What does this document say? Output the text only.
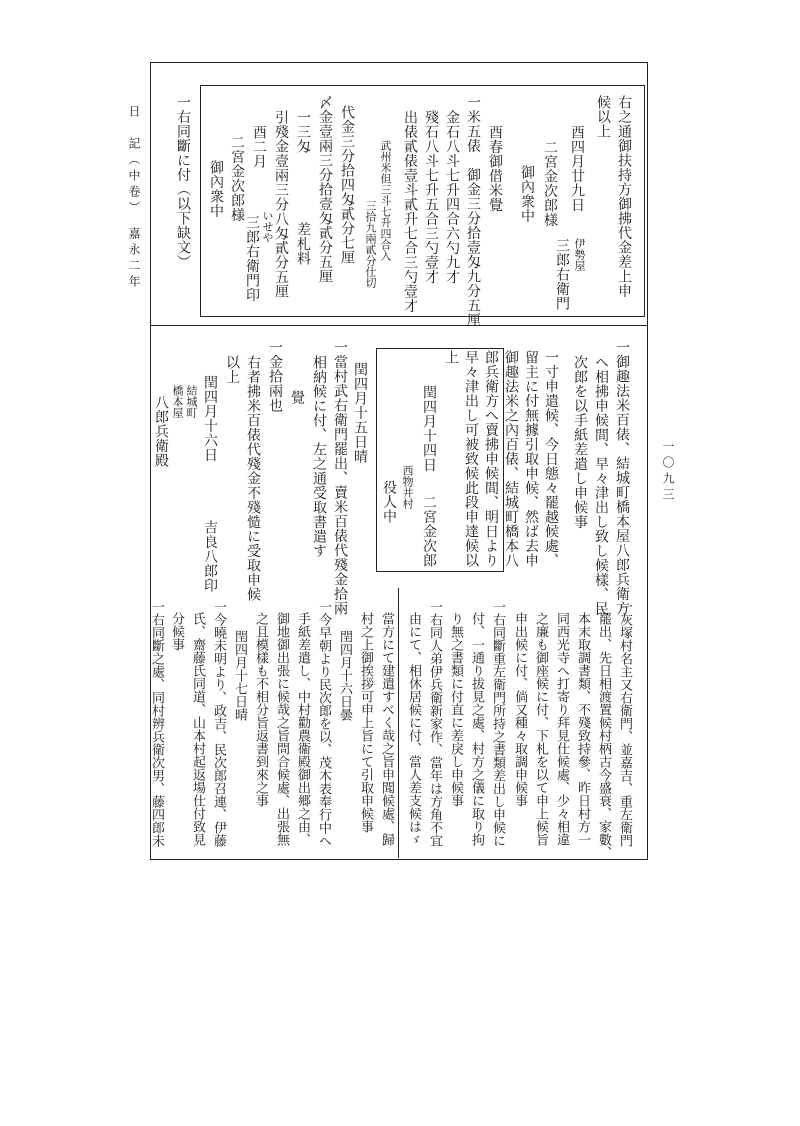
日　記（中卷）　嘉永二年
一〇九三
右之通御扶持方御拂代金差上申
候以上
酉四月廿九日
二宮金次郎様
御內衆中
伊勢屋
三郎右衛門
酉春御借米覺
一米五俵　御金三分拾壹匁九分五厘
金石八斗七升四合六勺九才
殘石八斗七升五合三勺壹才
出俵貳俵壹斗貳升七合三勺壹才
武州米但三斗七升四合入
三拾九兩貳分仕切
代金三分拾四匁貳分七厘
〆金壹兩三分拾壹匁貳分五厘
一三匁
差札料
引殘金壹兩三分八匁貳分五厘
酉二月
いせや
三郎右衛門印
二宮金次郎様
御內衆中
一右同斷に付（以下缺文）
一御趣法米百俵、結城町橋本屋八郎兵衛方
へ相拂申候間、早々津出し致し候樣、民
次郎を以手紙差遣し申候事
一寸申遣候、今日態々罷越候處、
留主に付無據引取申候、然ば去申
御趣法米之內百俵、結城町橋本八
郎兵衛方へ賣拂申候間、明日より
早々津出し可被致候此段申達候以
上
閏四月十四日
二宮金次郎
西物井村
役人中
閏四月十五日晴
一當村武右衛門罷出、賣米百俵代殘金拾兩
相納候に付、左之通受取書遣す
覺
一金拾兩也
右者拂米百俵代殘金不殘慥に受取申候
以上
閏四月十六日
吉良八郎印
結城町
橋本屋
八郎兵衛殿
一灰塚村名主又右衛門、並嘉吉、重左衛門
罷出、先日相渡置候村柄古今盛衰、家數、
本末取調書類、不殘致持參、昨日村方一
同西光寺へ打寄り拜見仕候處、少々相違
之廉も御座候に付、下札を以て申上候旨
申出候に付、倘又種々取調申候事
一右同斷重左衛門所持之書類差出し申候に
付、一通り拔見之處、村方之儀に取り拘
り無之書類に付直に差戾し申候事
一右同人弟伊兵衛新家作、當年は方角不宜
由にて、相休居候に付、當人差支候はゞ
當方にて建遣すべく哉之旨申聞候處、歸
村之上御挨拶可申上旨にて引取申候事
閏四月十六日曇
一今早朝より民次郎を以、茂木表奉行中へ
手紙差遣し、中村勸農衞殿御出郷之由、
御地御出張に候哉之旨問合候處、出張無
之且模樣も不相分旨返書到來之事
閏四月十七日晴
一今曉未明より、政吉、民次郎召連、伊藤
氏、齋藤氏同道、山本村起返場仕付致見
分候事
一右同斷之處、同村辨兵衛次男、藤四郎未
